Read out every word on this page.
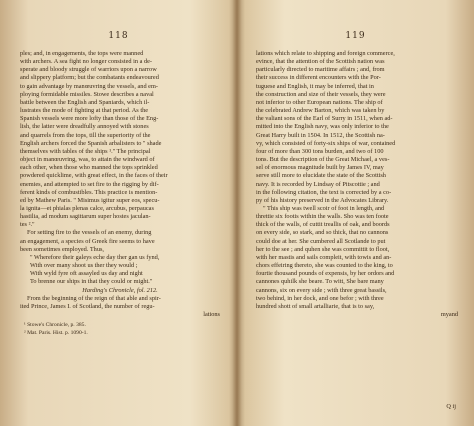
118
ples; and, in engagements, the tops were manned
with archers. A sea fight no longer consisted in a de-
sperate and bloody struggle of warriors upon a narrow
and slippery platform; but the combatants endeavoured
to gain advantage by manœuvring the vessels, and em-
ploying formidable missiles. Stowe describes a naval
battle between the English and Spaniards, which il-
lustrates the mode of fighting at that period. As the
Spanish vessels were more lofty than those of the Eng-
lish, the latter were dreadfully annoyed with stones
and quarrels from the tops, till the superiority of the
English archers forced the Spanish arbalisters to " shade
themselves with tables of the ships ¹." The principal
object in manœuvring, was, to attain the windward of
each other, when those who manned the tops sprinkled
powdered quicklime, with great effect, in the faces of their
enemies, and attempted to set fire to the rigging by dif-
ferent kinds of combustibles. This practice is mention-
ed by Mathew Paris. " Misimus igitur super eos, specu-
la ignita—et phialas plenas calce, arcubus, perpaucas
hastilia, ad modum sagittarum super hostes jaculan-
tes ²."
For setting fire to the vessels of an enemy, during
an engagement, a species of Greek fire seems to have
been sometimes employed. Thus,
" Wherefore their galeys eche day ther gan us fynd,
With over many shoot us ther they would ;
With wyld fyre oft assayled us day and night
To brenne our ships in that they could or might."
Harding's Chronicle, fol. 212.
From the beginning of the reign of that able and spir-
ited Prince, James I. of Scotland, the number of regu-
lations
¹ Stowe's Chronicle, p. 385.
² Mat. Paris. Hist. p. 1090-1.
119
lations which relate to shipping and foreign commerce,
evince, that the attention of the Scottish nation was
particularly directed to maritime affairs ; and, from
their success in different encounters with the Por-
tuguese and English, it may be inferred, that in
the construction and size of their vessels, they were
not inferior to other European nations. The ship of
the celebrated Andrew Barton, which was taken by
the valiant sons of the Earl of Surry in 1511, when ad-
mitted into the English navy, was only inferior to the
Great Harry built in 1504. In 1512, the Scottish na-
vy, which consisted of forty-six ships of war, contained
four of more than 300 tons burden, and two of 100
tons. But the description of the Great Michael, a ves-
sel of enormous magnitude built by James IV, may
serve still more to elucidate the state of the Scottish
navy. It is recorded by Lindsay of Pitscottie ; and
in the following citation, the text is corrected by a co-
py of his history preserved in the Advocates Library.
" This ship was twell scoir of foot in length, and
threttie six footis within the walls. Sho was ten foote
thick of the walls, of cuttit treallis of oak, and boords
on every side, so stark, and so thick, that no cannons
could doe at her. She cumbered all Scotlande to put
her to the see ; and quhen she was committit to floot,
with her mastis and sails compleit, with towis and an-
chors effeiring thereto, she was counted to the king, to
fourtie thousand pounds of expensis, by her ordors and
cannones quhilk she beare. To witt, She bare many
cannons, six on every side ; with three great bassils,
two behind, in her dock, and one befor ; with three
hundred shott of small artalliarie, that is to say,
myand
Q ij
